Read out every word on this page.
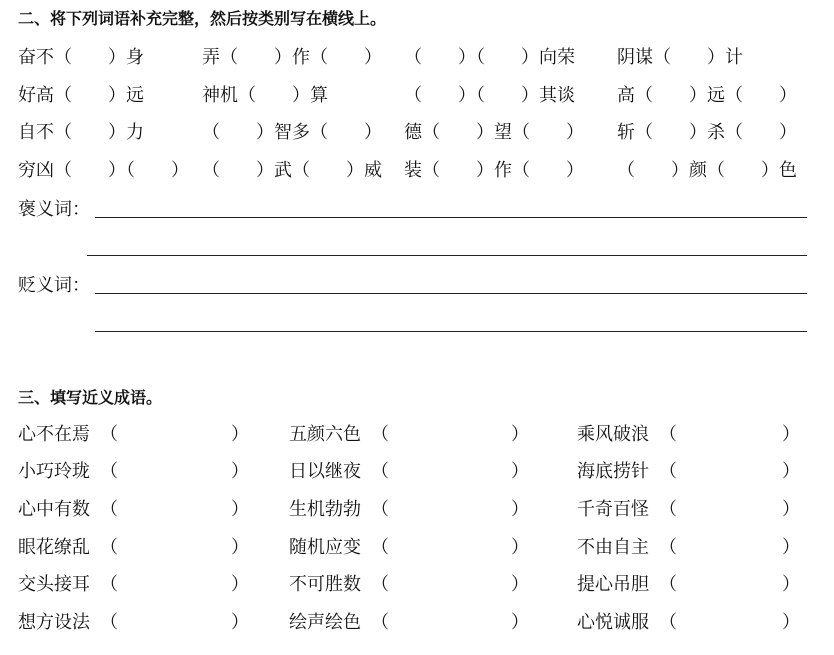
二、将下列词语补充完整，然后按类别写在横线上。
奋不（　　）身	弄（　　）作（　　） （　　）（　　）向荣 阴谋（　　）计
好高（　　）远	神机（　　）算	（　　）（　　）其谈 高（　　）远（　　）
自不（　　）力	（　　）智多（　　） 德（　　）望（　　） 斩（　　）杀（　　）
穷凶（　　）（　　） （　　）武（　　）威 装（　　）作（　　） （　　）颜（　　）色
褒义词：
贬义词：
三、填写近义成语。
心不在焉 （	） 五颜六色 （	）	乘风破浪 （	）
小巧玲珑 （	） 日以继夜 （	）	海底捞针 （	）
心中有数 （	） 生机勃勃 （	）	千奇百怪 （	）
眼花缭乱 （	） 随机应变 （	）	不由自主 （	）
交头接耳 （	） 不可胜数 （	）	提心吊胆 （	）
想方设法 （	） 绘声绘色 （	）	心悦诚服 （	）
